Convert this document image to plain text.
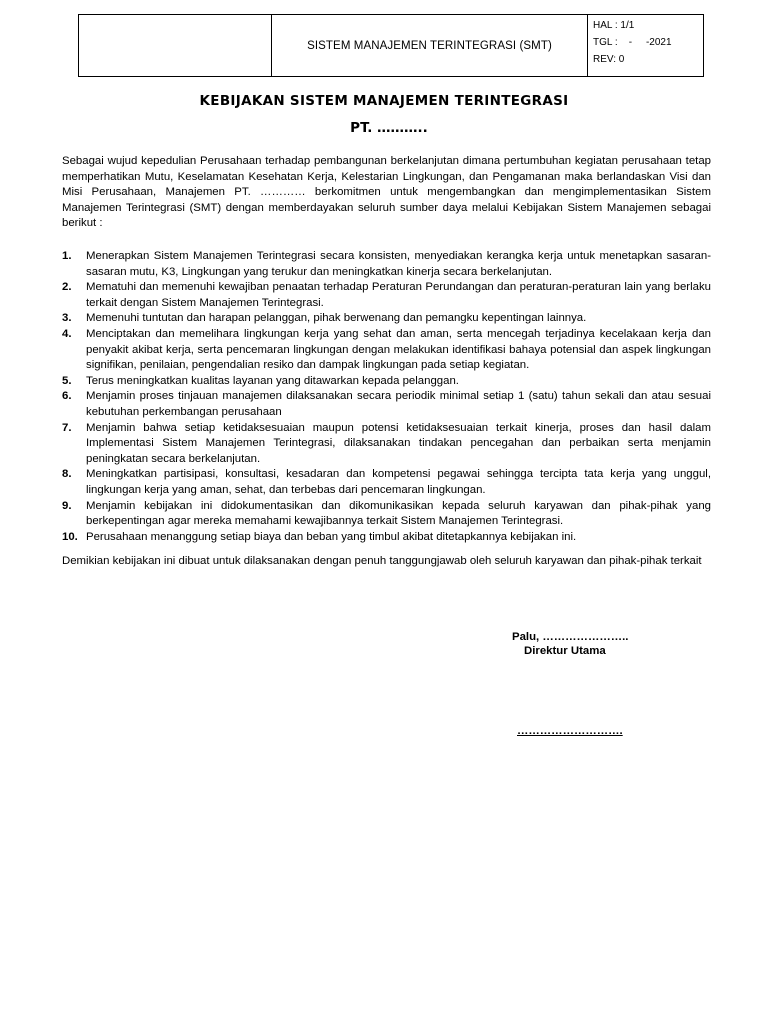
	SISTEM MANAJEMEN TERINTEGRASI (SMT)	
HAL : 1/1
TGL :    -     -2021
REV: 0
KEBIJAKAN SISTEM MANAJEMEN TERINTEGRASI
PT. ………..
Sebagai wujud kepedulian Perusahaan terhadap pembangunan berkelanjutan dimana pertumbuhan kegiatan perusahaan tetap memperhatikan Mutu, Keselamatan Kesehatan Kerja, Kelestarian Lingkungan, dan Pengamanan maka berlandaskan Visi dan Misi Perusahaan, Manajemen PT. ………… berkomitmen untuk mengembangkan dan mengimplementasikan Sistem Manajemen Terintegrasi (SMT) dengan memberdayakan seluruh sumber daya melalui Kebijakan Sistem Manajemen sebagai berikut :
1. Menerapkan Sistem Manajemen Terintegrasi secara konsisten, menyediakan kerangka kerja untuk menetapkan sasaran-sasaran mutu, K3, Lingkungan yang terukur dan meningkatkan kinerja secara berkelanjutan.
2. Mematuhi dan memenuhi kewajiban penaatan terhadap Peraturan Perundangan dan peraturan-peraturan lain yang berlaku terkait dengan Sistem Manajemen Terintegrasi.
3. Memenuhi tuntutan dan harapan pelanggan, pihak berwenang dan pemangku kepentingan lainnya.
4. Menciptakan dan memelihara lingkungan kerja yang sehat dan aman, serta mencegah terjadinya kecelakaan kerja dan penyakit akibat kerja, serta pencemaran lingkungan dengan melakukan identifikasi bahaya potensial dan aspek lingkungan signifikan, penilaian, pengendalian resiko dan dampak lingkungan pada setiap kegiatan.
5. Terus meningkatkan kualitas layanan yang ditawarkan kepada pelanggan.
6. Menjamin proses tinjauan manajemen dilaksanakan secara periodik minimal setiap 1 (satu) tahun sekali dan atau sesuai kebutuhan perkembangan perusahaan
7. Menjamin bahwa setiap ketidaksesuaian maupun potensi ketidaksesuaian terkait kinerja, proses dan hasil dalam Implementasi Sistem Manajemen Terintegrasi, dilaksanakan tindakan pencegahan dan perbaikan serta menjamin peningkatan secara berkelanjutan.
8. Meningkatkan partisipasi, konsultasi, kesadaran dan kompetensi pegawai sehingga tercipta tata kerja yang unggul, lingkungan kerja yang aman, sehat, dan terbebas dari pencemaran lingkungan.
9. Menjamin kebijakan ini didokumentasikan dan dikomunikasikan kepada seluruh karyawan dan pihak-pihak yang berkepentingan agar mereka memahami kewajibannya terkait Sistem Manajemen Terintegrasi.
10. Perusahaan menanggung setiap biaya dan beban yang timbul akibat ditetapkannya kebijakan ini.
Demikian kebijakan ini dibuat untuk dilaksanakan dengan penuh tanggungjawab oleh seluruh karyawan dan pihak-pihak terkait
Palu, …………………..
Direktur Utama
……………………….
